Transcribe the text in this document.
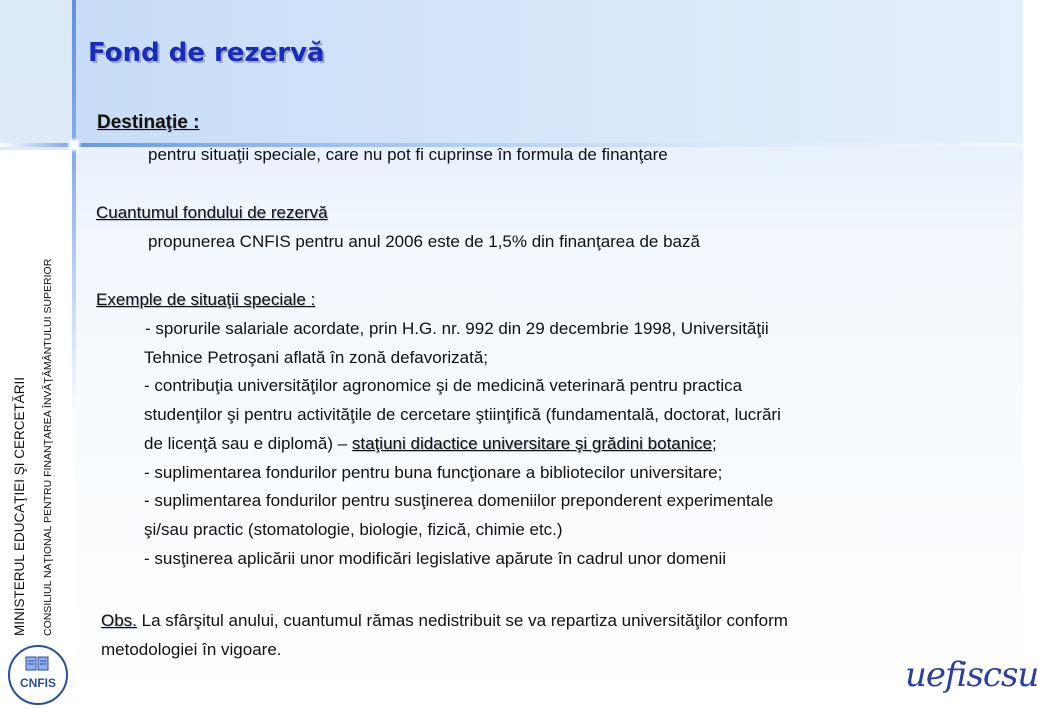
Fond de rezervă
MINISTERUL EDUCAŢIEI ŞI CERCETĂRII CONSILIUL NAŢIONAL PENTRU FINANŢAREA ÎNVĂŢĂMÂNTULUI SUPERIOR
CNFIS
Destinaţie :
pentru situaţii speciale, care nu pot fi cuprinse în formula de finanţare
Cuantumul fondului de rezervă
propunerea CNFIS pentru anul 2006 este de 1,5% din finanţarea de bază
Exemple de situaţii speciale :
- sporurile salariale acordate, prin H.G. nr. 992 din 29 decembrie 1998, Universităţii
Tehnice Petroşani aflată în zonă defavorizată;
- contribuţia universităţilor agronomice şi de medicină veterinară pentru practica
studenţilor şi pentru activităţile de cercetare ştiinţifică (fundamentală, doctorat, lucrări
de licenţă sau e diplomă) – staţiuni didactice universitare şi grădini botanice;
- suplimentarea fondurilor pentru buna funcţionare a bibliotecilor universitare;
- suplimentarea fondurilor pentru susţinerea domeniilor preponderent experimentale
şi/sau practic (stomatologie, biologie, fizică, chimie etc.)
- susţinerea aplicării unor modificări legislative apărute în cadrul unor domenii
Obs. La sfârşitul anului, cuantumul rămas nedistribuit se va repartiza universităţilor conform
metodologiei în vigoare.
uefiscsu
